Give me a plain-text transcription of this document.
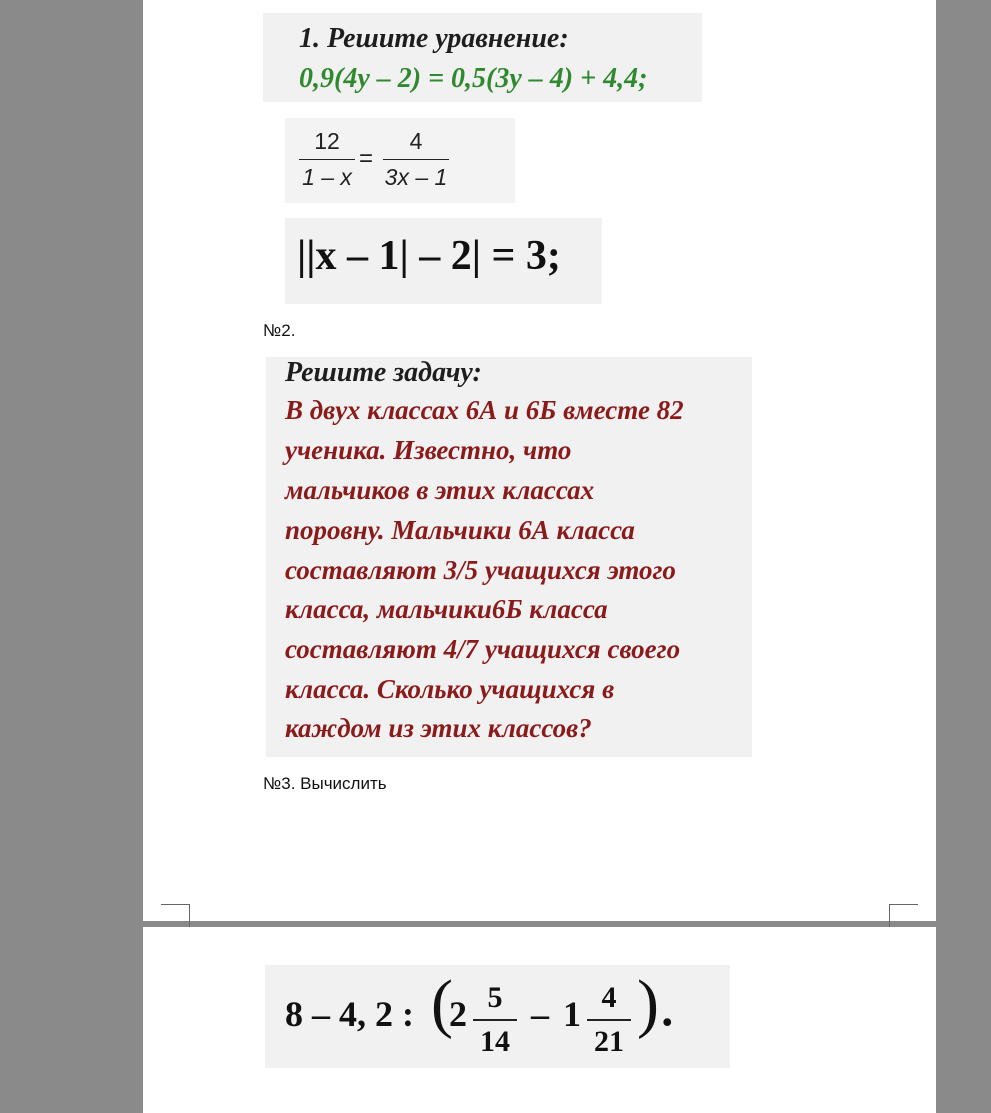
1. Решите уравнение:
0,9(4y – 2) = 0,5(3y – 4) + 4,4;
$\frac{12}{1 - x} = \frac{4}{3x - 1}$
||x – 1| – 2| = 3;
№2.
Решите задачу:
В двух классах 6А и 6Б вместе 82
ученика. Известно, что
мальчиков в этих классах
поровну. Мальчики 6А класса
составляют 3/5 учащихся этого
класса, мальчики6Б класса
составляют 4/7 учащихся своего
класса. Сколько учащихся в
каждом из этих классов?
№3. Вычислить
8 – 4, 2 : (
$2 \frac{5}{14} - 1 \frac{4}{21}$ ).
